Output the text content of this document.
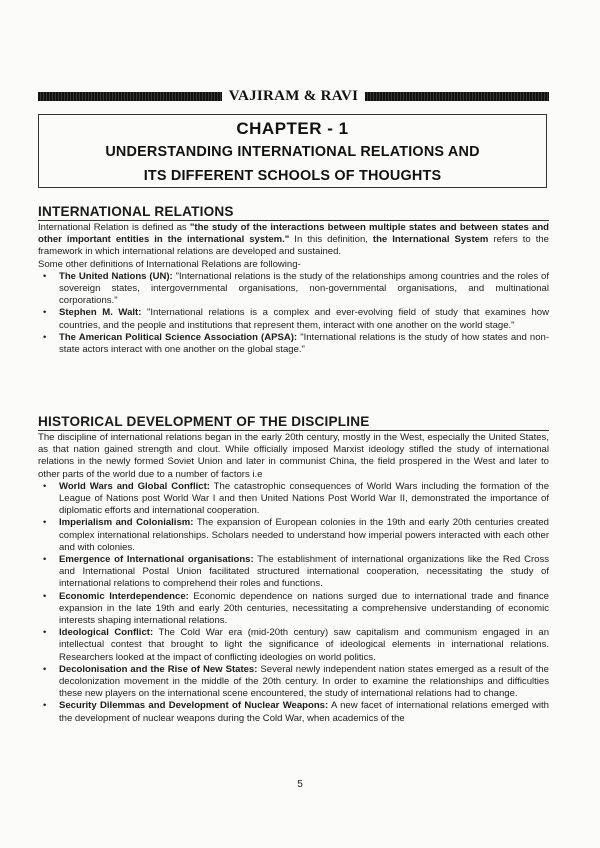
VAJIRAM & RAVI
CHAPTER - 1
UNDERSTANDING INTERNATIONAL RELATIONS AND
ITS DIFFERENT SCHOOLS OF THOUGHTS
INTERNATIONAL RELATIONS

International Relation is defined as "the study of the interactions between multiple states and between states and other important entities in the international system." In this definition, the International System refers to the framework in which international relations are developed and sustained.

Some other definitions of International Relations are following-

• The United Nations (UN): "International relations is the study of the relationships among countries and the roles of sovereign states, intergovernmental organisations, non-governmental organisations, and multinational corporations."
• Stephen M. Walt: "International relations is a complex and ever-evolving field of study that examines how countries, and the people and institutions that represent them, interact with one another on the world stage."
• The American Political Science Association (APSA): "International relations is the study of how states and non-state actors interact with one another on the global stage."
HISTORICAL DEVELOPMENT OF THE DISCIPLINE

The discipline of international relations began in the early 20th century, mostly in the West, especially the United States, as that nation gained strength and clout. While officially imposed Marxist ideology stifled the study of international relations in the newly formed Soviet Union and later in communist China, the field prospered in the West and later to other parts of the world due to a number of factors i.e

• World Wars and Global Conflict: The catastrophic consequences of World Wars including the formation of the League of Nations post World War I and then United Nations Post World War II, demonstrated the importance of diplomatic efforts and international cooperation.
• Imperialism and Colonialism: The expansion of European colonies in the 19th and early 20th centuries created complex international relationships. Scholars needed to understand how imperial powers interacted with each other and with colonies.
• Emergence of International organisations: The establishment of international organizations like the Red Cross and International Postal Union facilitated structured international cooperation, necessitating the study of international relations to comprehend their roles and functions.
• Economic Interdependence: Economic dependence on nations surged due to international trade and finance expansion in the late 19th and early 20th centuries, necessitating a comprehensive understanding of economic interests shaping international relations.
• Ideological Conflict: The Cold War era (mid-20th century) saw capitalism and communism engaged in an intellectual contest that brought to light the significance of ideological elements in international relations. Researchers looked at the impact of conflicting ideologies on world politics.
• Decolonisation and the Rise of New States: Several newly independent nation states emerged as a result of the decolonization movement in the middle of the 20th century. In order to examine the relationships and difficulties these new players on the international scene encountered, the study of international relations had to change.
• Security Dilemmas and Development of Nuclear Weapons: A new facet of international relations emerged with the development of nuclear weapons during the Cold War, when academics of the
5
